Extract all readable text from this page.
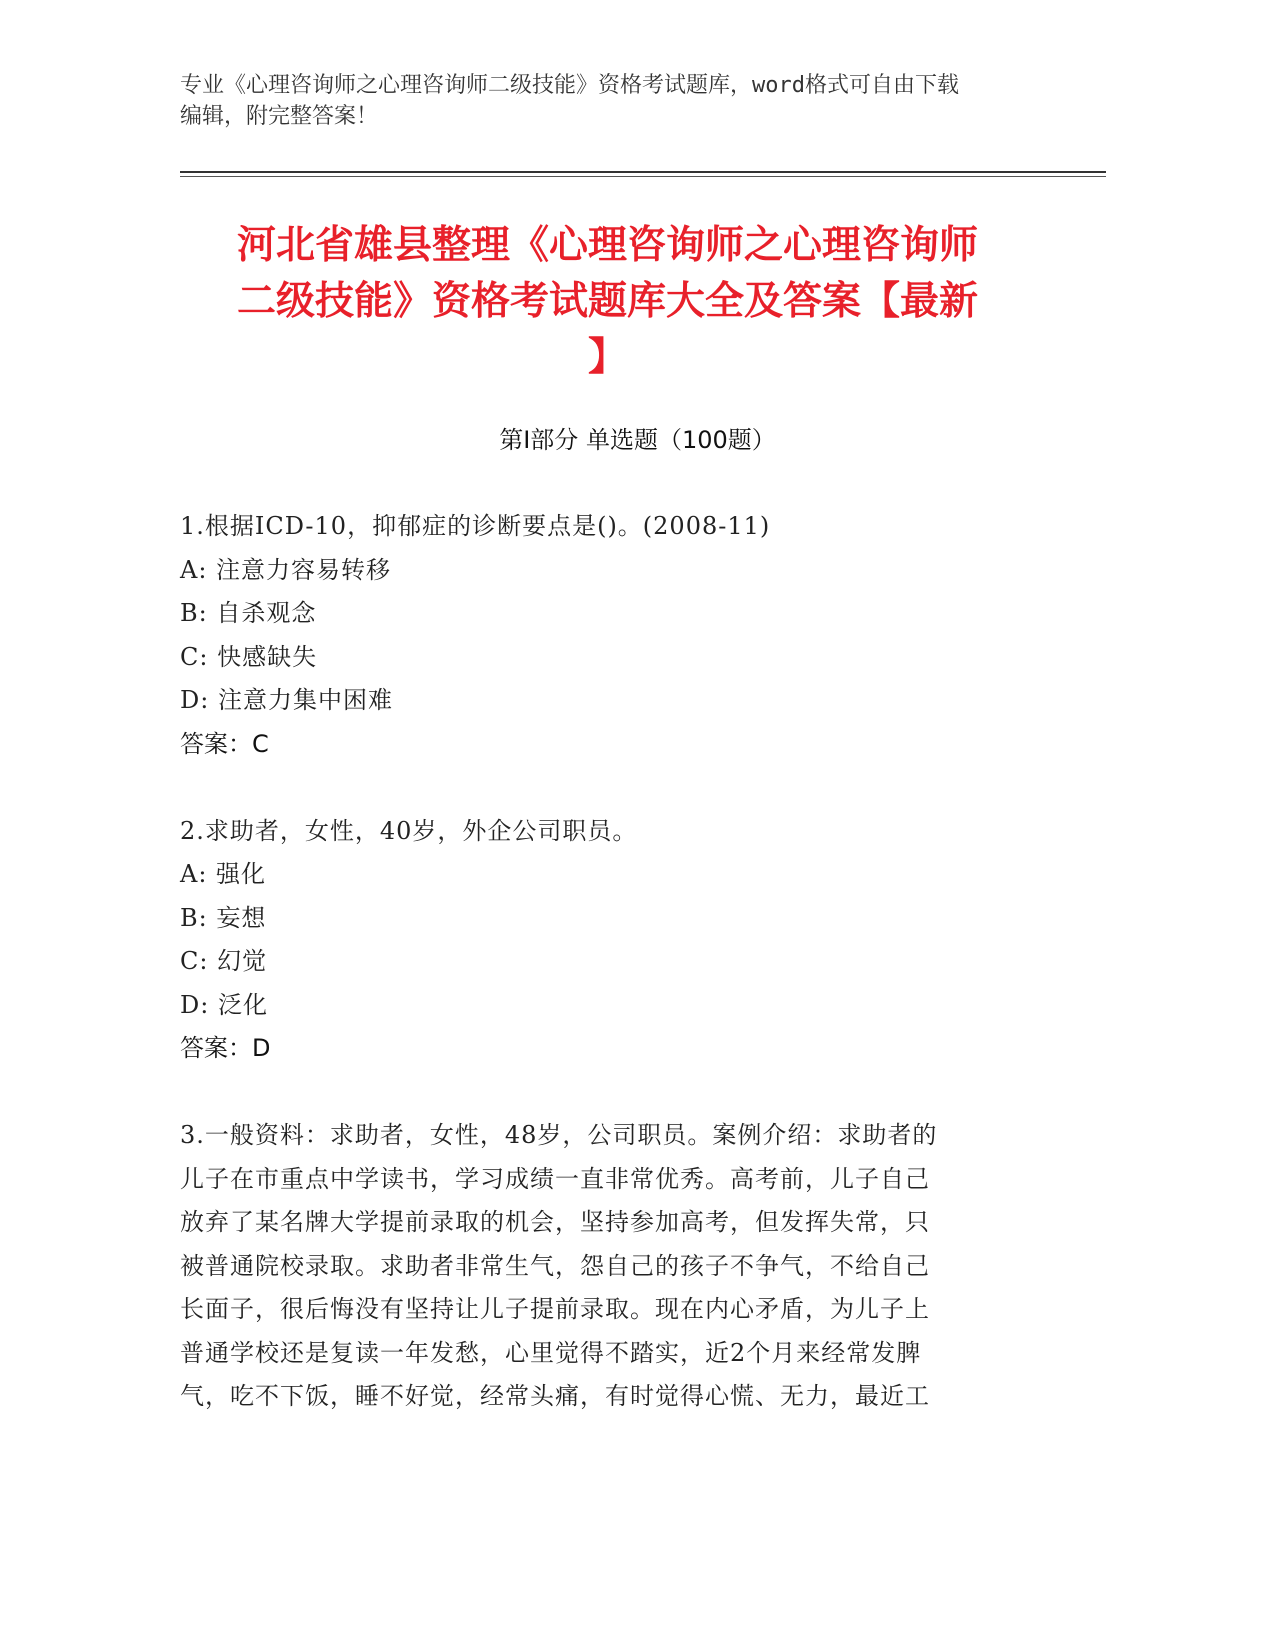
专业《心理咨询师之心理咨询师二级技能》资格考试题库，word格式可自由下载
编辑，附完整答案！
河北省雄县整理《心理咨询师之心理咨询师
二级技能》资格考试题库大全及答案【最新
】
第Ⅰ部分 单选题（100题）
1.根据ICD-10，抑郁症的诊断要点是()。(2008-11)
A: 注意力容易转移
B: 自杀观念
C: 快感缺失
D: 注意力集中困难
答案：C
2.求助者，女性，40岁，外企公司职员。
A: 强化
B: 妄想
C: 幻觉
D: 泛化
答案：D
3.一般资料：求助者，女性，48岁，公司职员。案例介绍：求助者的
儿子在市重点中学读书，学习成绩一直非常优秀。高考前，儿子自己
放弃了某名牌大学提前录取的机会，坚持参加高考，但发挥失常，只
被普通院校录取。求助者非常生气，怨自己的孩子不争气，不给自己
长面子，很后悔没有坚持让儿子提前录取。现在内心矛盾，为儿子上
普通学校还是复读一年发愁，心里觉得不踏实，近2个月来经常发脾
气，吃不下饭，睡不好觉，经常头痛，有时觉得心慌、无力，最近工
